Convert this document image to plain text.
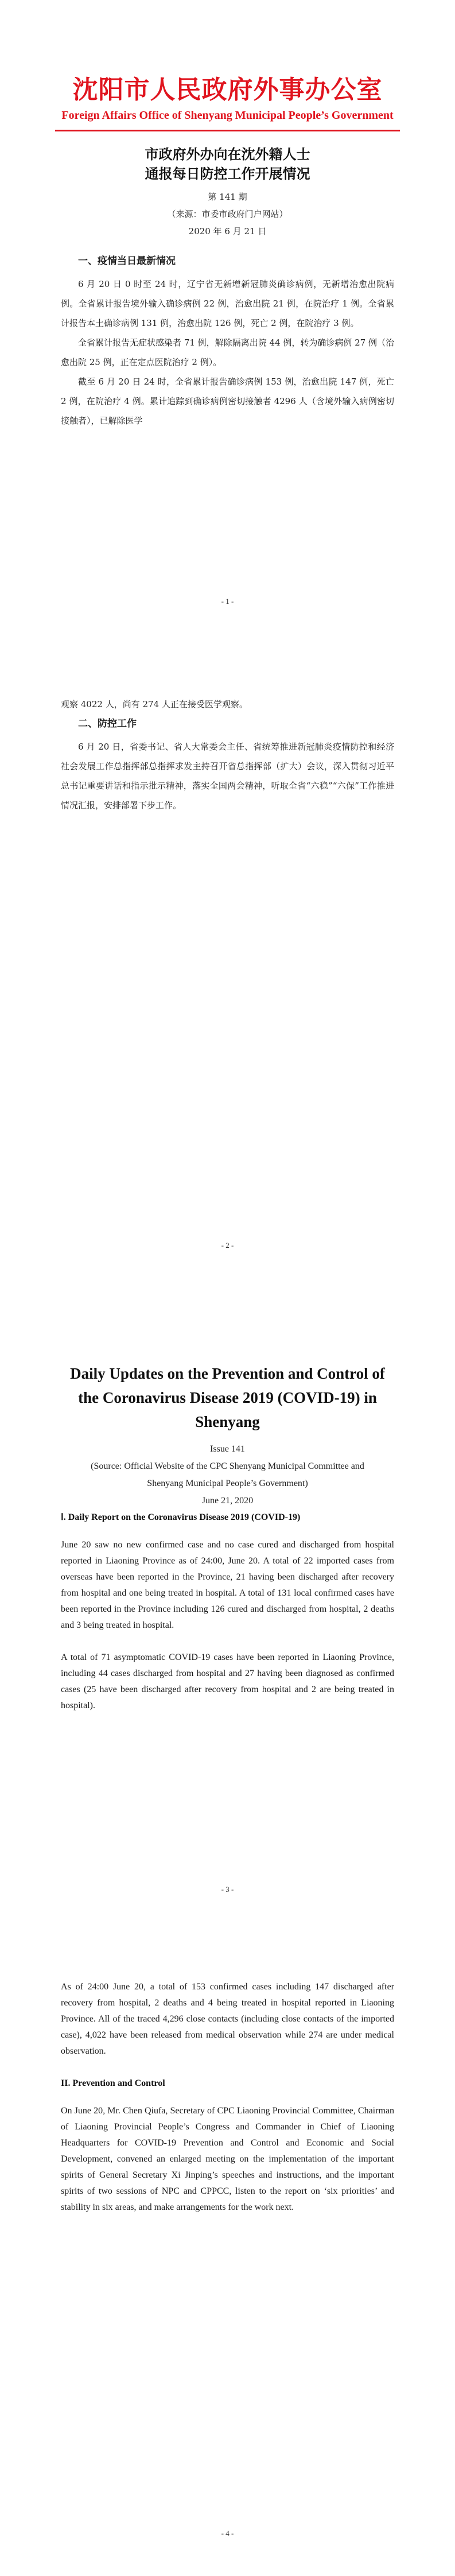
沈阳市人民政府外事办公室

Foreign Affairs Office of Shenyang Municipal People’s Government

市政府外办向在沈外籍人士
通报每日防控工作开展情况
第 141 期
（来源：市委市政府门户网站）
2020 年 6 月 21 日
一、疫情当日最新情况

6 月 20 日 0 时至 24 时，辽宁省无新增新冠肺炎确诊病例，无新增治愈出院病例。全省累计报告境外输入确诊病例 22 例，治愈出院 21 例，在院治疗 1 例。全省累计报告本土确诊病例 131 例，治愈出院 126 例，死亡 2 例，在院治疗 3 例。

全省累计报告无症状感染者 71 例，解除隔离出院 44 例，转为确诊病例 27 例（治愈出院 25 例，正在定点医院治疗 2 例）。

截至 6 月 20 日 24 时，全省累计报告确诊病例 153 例，治愈出院 147 例，死亡 2 例，在院治疗 4 例。累计追踪到确诊病例密切接触者 4296 人（含境外输入病例密切接触者），已解除医学

- 1 -

观察 4022 人，尚有 274 人正在接受医学观察。

二、防控工作

6 月 20 日，省委书记、省人大常委会主任、省统筹推进新冠肺炎疫情防控和经济社会发展工作总指挥部总指挥求发主持召开省总指挥部（扩大）会议，深入贯彻习近平总书记重要讲话和指示批示精神，落实全国两会精神，听取全省“六稳”“六保”工作推进情况汇报，安排部署下步工作。

- 2 -
Daily Updates on the Prevention and Control of
the Coronavirus Disease 2019 (COVID-19) in
Shenyang
Issue 141
(Source: Official Website of the CPC Shenyang Municipal Committee and
Shenyang Municipal People’s Government)
June 21, 2020
Ⅰ. Daily Report on the Coronavirus Disease 2019 (COVID-19)

June 20 saw no new confirmed case and no case cured and discharged from hospital reported in Liaoning Province as of 24:00, June 20. A total of 22 imported cases from overseas have been reported in the Province, 21 having been discharged after recovery from hospital and one being treated in hospital. A total of 131 local confirmed cases have been reported in the Province including 126 cured and discharged from hospital, 2 deaths and 3 being treated in hospital.

A total of 71 asymptomatic COVID-19 cases have been reported in Liaoning Province, including 44 cases discharged from hospital and 27 having been diagnosed as confirmed cases (25 have been discharged after recovery from hospital and 2 are being treated in hospital).

- 3 -

As of 24:00 June 20, a total of 153 confirmed cases including 147 discharged after recovery from hospital, 2 deaths and 4 being treated in hospital reported in Liaoning Province. All of the traced 4,296 close contacts (including close contacts of the imported case), 4,022 have been released from medical observation while 274 are under medical observation.

II. Prevention and Control

On June 20, Mr. Chen Qiufa, Secretary of CPC Liaoning Provincial Committee, Chairman of Liaoning Provincial People’s Congress and Commander in Chief of Liaoning Headquarters for COVID-19 Prevention and Control and Economic and Social Development, convened an enlarged meeting on the implementation of the important spirits of General Secretary Xi Jinping’s speeches and instructions, and the important spirits of two sessions of NPC and CPPCC, listen to the report on ‘six priorities’ and stability in six areas, and make arrangements for the work next.

- 4 -
